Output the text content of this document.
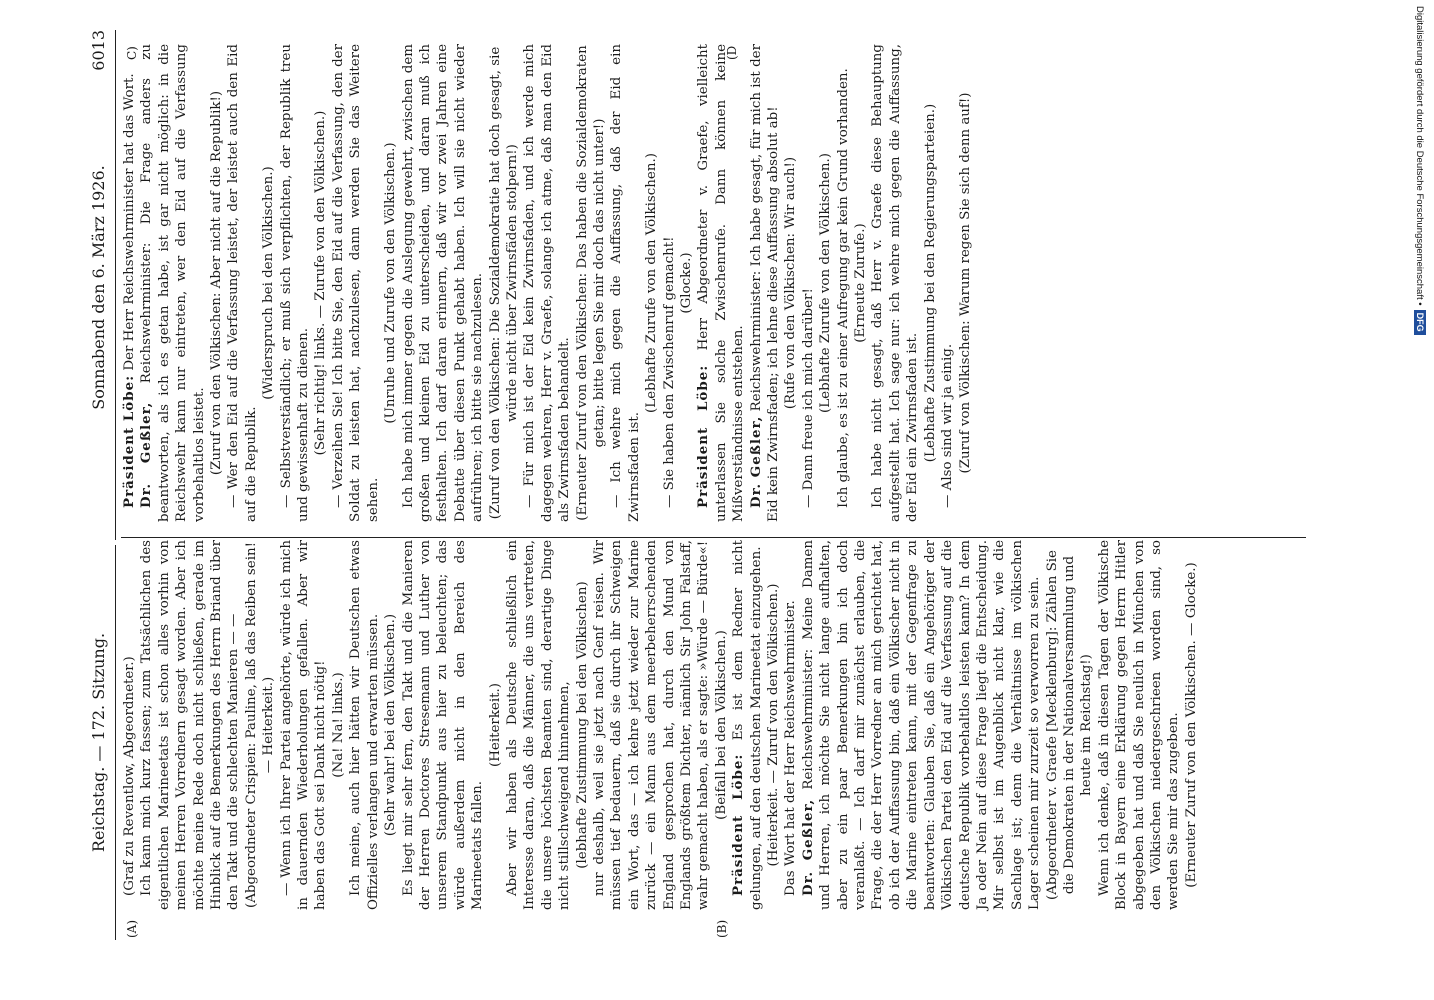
Reichstag. — 172. Sitzung.
Sonnabend den 6. März 1926.
6013
(A)	(B)
C)	(D

(Graf zu Reventlow, Abgeordneter.) Ich kann mich kurz fassen; zum Tatsächlichen des eigentlichen Marineetats ist schon alles vorhin von meinen Herren Vorrednern gesagt worden. Aber ich möchte meine Rede doch nicht schließen, gerade im Hinblick auf die Bemerkungen des Herrn Briand über den Takt und die schlechten Manieren — — (Abgeordneter Crispien: Pauline, laß das Reiben sein! — Heiterkeit.) — Wenn ich Ihrer Partei angehörte, würde ich mich in dauernden Wiederholungen gefallen. Aber wir haben das Gott sei Dank nicht nötig! (Na! Na! links.) Ich meine, auch hier hätten wir Deutschen etwas Offizielles verlangen und erwarten müssen. (Sehr wahr! bei den Völkischen.) Es liegt mir sehr fern, den Takt und die Manieren der Herren Doctores Stresemann und Luther von unserem Standpunkt aus hier zu beleuchten; das würde außerdem nicht in den Bereich des Marineetats fallen.

(Heiterkeit.) Aber wir haben als Deutsche schließlich ein Interesse daran, daß die Männer, die uns vertreten, die unsere höchsten Beamten sind, derartige Dinge nicht stillschweigend hinnehmen, (lebhafte Zustimmung bei den Völkischen) nur deshalb, weil sie jetzt nach Genf reisen. Wir müssen tief bedauern, daß sie durch ihr Schweigen ein Wort, das — ich kehre jetzt wieder zur Marine zurück — ein Mann aus dem meerbeherrschenden England gesprochen hat, durch den Mund von Englands größtem Dichter, nämlich Sir John Falstaff, wahr gemacht haben, als er sagte: »Würde — Bürde«! (Beifall bei den Völkischen.)

Präsident Löbe: Es ist dem Redner nicht gelungen, auf den deutschen Marineetat einzugehen. (Heiterkeit. — Zuruf von den Völkischen.) Das Wort hat der Herr Reichswehrminister. Dr. Geßler, Reichswehrminister: Meine Damen und Herren, ich möchte Sie nicht lange aufhalten, aber zu ein paar Bemerkungen bin ich doch veranlaßt. — Ich darf mir zunächst erlauben, die Frage, die der Herr Vorredner an mich gerichtet hat, ob ich der Auffassung bin, daß ein Völkischer nicht in die Marine eintreten kann, mit der Gegenfrage zu beantworten: Glauben Sie, daß ein Angehöriger der Völkischen Partei den Eid auf die Verfassung auf die deutsche Republik vorbehaltlos leisten kann? In dem Ja oder Nein auf diese Frage liegt die Entscheidung. Mir selbst ist im Augenblick nicht klar, wie die Sachlage ist; denn die Verhältnisse im völkischen Lager scheinen mir zurzeit so verworren zu sein. (Abgeordneter v. Graefe [Mecklenburg]: Zählen Sie die Demokraten in der Nationalversammlung und heute im Reichstag!) Wenn ich denke, daß in diesen Tagen der Völkische Block in Bayern eine Erklärung gegen Herrn Hitler abgegeben hat und daß Sie neulich in München von den Völkischen niedergeschrieen worden sind, so werden Sie mir das zugeben. (Erneuter Zuruf von den Völkischen. — Glocke.)

Präsident Löbe: Der Herr Reichswehrminister hat das Wort.

Dr. Geßler, Reichswehrminister: Die Frage anders zu beantworten, als ich es getan habe, ist gar nicht möglich: in die Reichswehr kann nur eintreten, wer den Eid auf die Verfassung vorbehaltlos leistet. (Zuruf von den Völkischen: Aber nicht auf die Republik!) — Wer den Eid auf die Verfassung leistet, der leistet auch den Eid auf die Republik.

(Widerspruch bei den Völkischen.) — Selbstverständlich; er muß sich verpflichten, der Republik treu und gewissenhaft zu dienen. (Sehr richtig! links. — Zurufe von den Völkischen.) — Verzeihen Sie! Ich bitte Sie, den Eid auf die Verfassung, den der Soldat zu leisten hat, nachzulesen, dann werden Sie das Weitere sehen.

(Unruhe und Zurufe von den Völkischen.) Ich habe mich immer gegen die Auslegung gewehrt, zwischen dem großen und kleinen Eid zu unterscheiden, und daran muß ich festhalten. Ich darf daran erinnern, daß wir vor zwei Jahren eine Debatte über diesen Punkt gehabt haben. Ich will sie nicht wieder aufrühren; ich bitte sie nachzulesen. (Zuruf von den Völkischen: Die Sozialdemokratie hat doch gesagt, sie würde nicht über Zwirnsfäden stolpern!) — Für mich ist der Eid kein Zwirnsfaden, und ich werde mich dagegen wehren, Herr v. Graefe, solange ich atme, daß man den Eid als Zwirnsfaden behandelt. (Erneuter Zuruf von den Völkischen: Das haben die Sozialdemokraten getan; bitte legen Sie mir doch das nicht unter!) — Ich wehre mich gegen die Auffassung, daß der Eid ein Zwirnsfaden ist.

(Lebhafte Zurufe von den Völkischen.) — Sie haben den Zwischenruf gemacht! (Glocke.)

Präsident Löbe: Herr Abgeordneter v. Graefe, vielleicht unterlassen Sie solche Zwischenrufe. Dann können keine Mißverständnisse entstehen. Dr. Geßler, Reichswehrminister: Ich habe gesagt, für mich ist der Eid kein Zwirnsfaden; ich lehne diese Auffassung absolut ab! (Rufe von den Völkischen: Wir auch!) — Dann freue ich mich darüber! (Lebhafte Zurufe von den Völkischen.) Ich glaube, es ist zu einer Aufregung gar kein Grund vorhanden. (Erneute Zurufe.) Ich habe nicht gesagt, daß Herr v. Graefe diese Behauptung aufgestellt hat. Ich sage nur: ich wehre mich gegen die Auffassung, der Eid ein Zwirnsfaden ist. (Lebhafte Zustimmung bei den Regierungsparteien.) — Also sind wir ja einig. (Zuruf von Völkischen: Warum regen Sie sich denn auf!)	Digitalisierung gefördert durch die Deutsche Forschungsgemeinschaft •DFG
